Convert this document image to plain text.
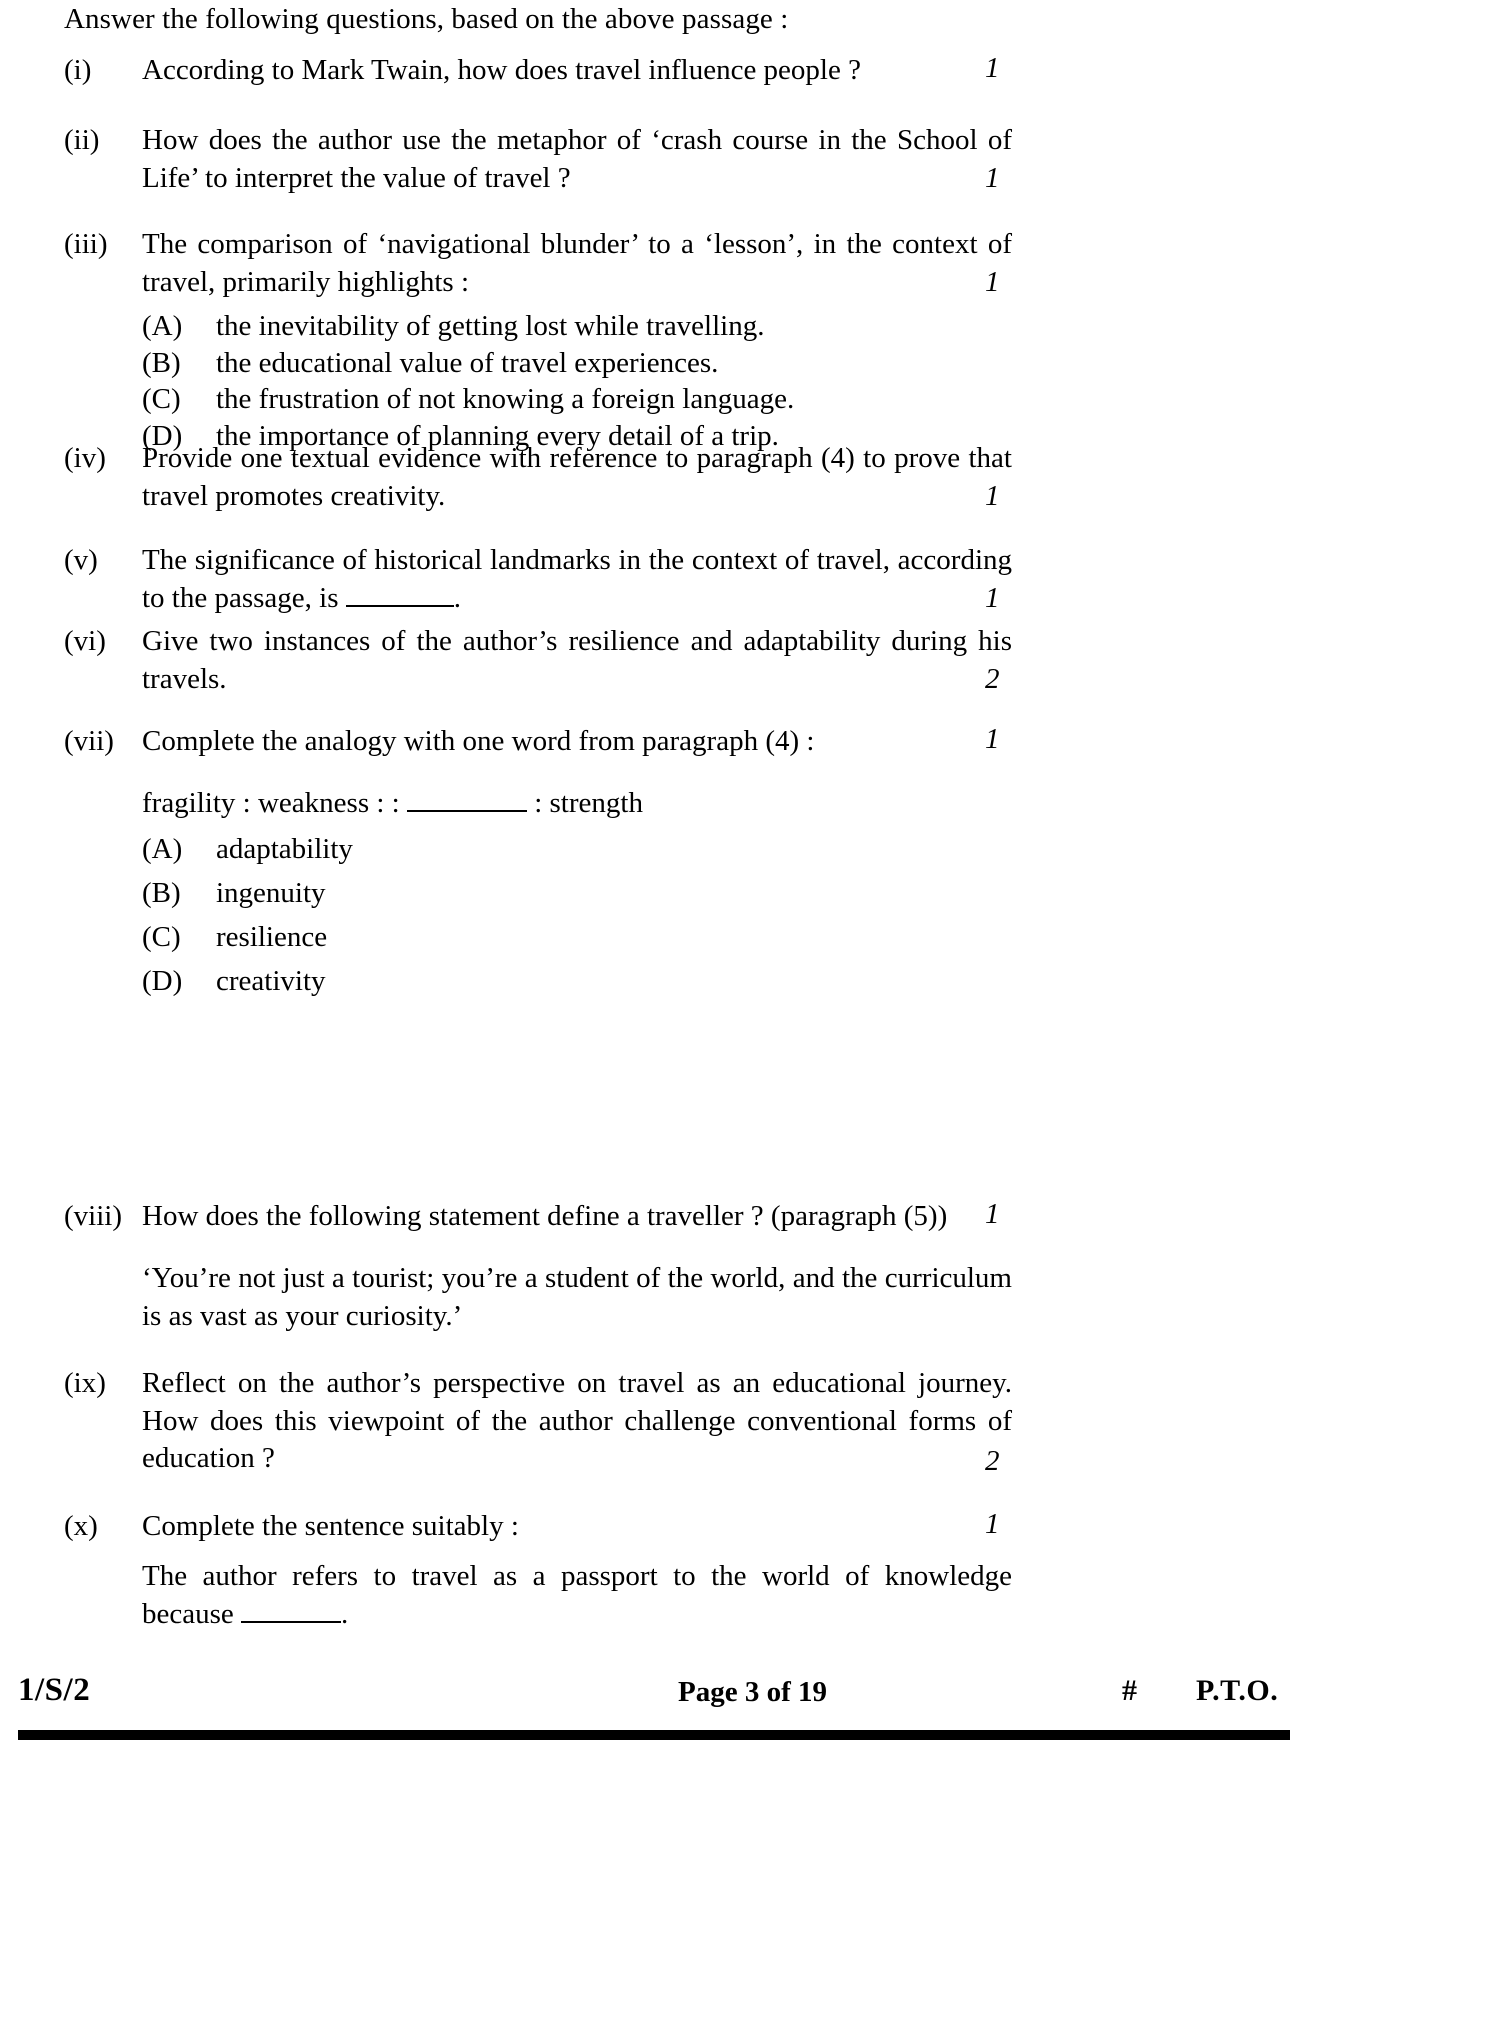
Answer the following questions, based on the above passage :
(i)	According to Mark Twain, how does travel influence people ?	1
(ii)	How does the author use the metaphor of ‘crash course in the School of Life’ to interpret the value of travel ?	1
(iii)	The comparison of ‘navigational blunder’ to a ‘lesson’, in the context of travel, primarily highlights :
(A) the inevitability of getting lost while travelling.
(B) the educational value of travel experiences.
(C) the frustration of not knowing a foreign language.
(D) the importance of planning every detail of a trip.
1
(iv)	Provide one textual evidence with reference to paragraph (4) to prove that travel promotes creativity.	1
(v)	The significance of historical landmarks in the context of travel, according to the passage, is	.	1
(vi)	Give two instances of the author’s resilience and adaptability during his travels.	2
(vii) Complete the analogy with one word from paragraph (4) :
fragility : weakness : :	: strength
(A) adaptability
(B) ingenuity
(C) resilience
(D) creativity
1
(viii) How does the following statement define a traveller ? (paragraph (5))
‘You’re not just a tourist; you’re a student of the world, and the curriculum is as vast as your curiosity.’
1
(ix)	Reflect on the author’s perspective on travel as an educational journey. How does this viewpoint of the author challenge conventional forms of education ?	2
(x)	Complete the sentence suitably :
The author refers to travel as a passport to the world of knowledge because	.
1
1/S/2	Page 3 of 19	# P.T.O.
